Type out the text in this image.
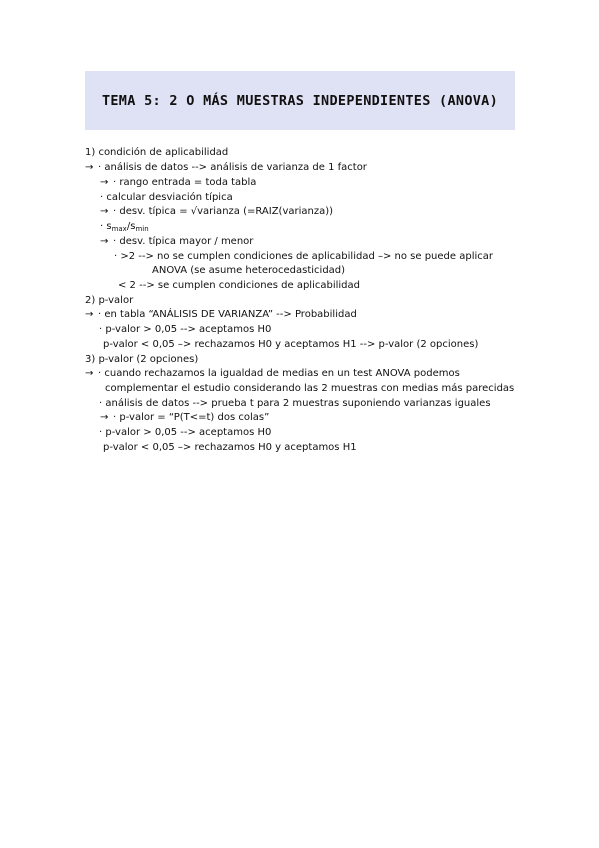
TEMA 5: 2 O MÁS MUESTRAS INDEPENDIENTES (ANOVA)
1) condición de aplicabilidad
→ · análisis de datos --> análisis de varianza de 1 factor
→ · rango entrada = toda tabla
· calcular desviación típica
→ · desv. típica = √varianza (=RAIZ(varianza))
· $s_{max}/s_{min}$
→ · desv. típica mayor / menor
· >2 --> no se cumplen condiciones de aplicabilidad –> no se puede aplicar
ANOVA (se asume heterocedasticidad)
< 2 --> se cumplen condiciones de aplicabilidad
2) p-valor
→ · en tabla “ANÁLISIS DE VARIANZA” --> Probabilidad
· p-valor > 0,05 --> aceptamos H0
p-valor < 0,05 –> rechazamos H0 y aceptamos H1 --> p-valor (2 opciones)
3) p-valor (2 opciones)
→ · cuando rechazamos la igualdad de medias en un test ANOVA podemos
complementar el estudio considerando las 2 muestras con medias más parecidas
· análisis de datos --> prueba t para 2 muestras suponiendo varianzas iguales
→ · p-valor = “P(T<=t) dos colas”
· p-valor > 0,05 --> aceptamos H0
p-valor < 0,05 –> rechazamos H0 y aceptamos H1
